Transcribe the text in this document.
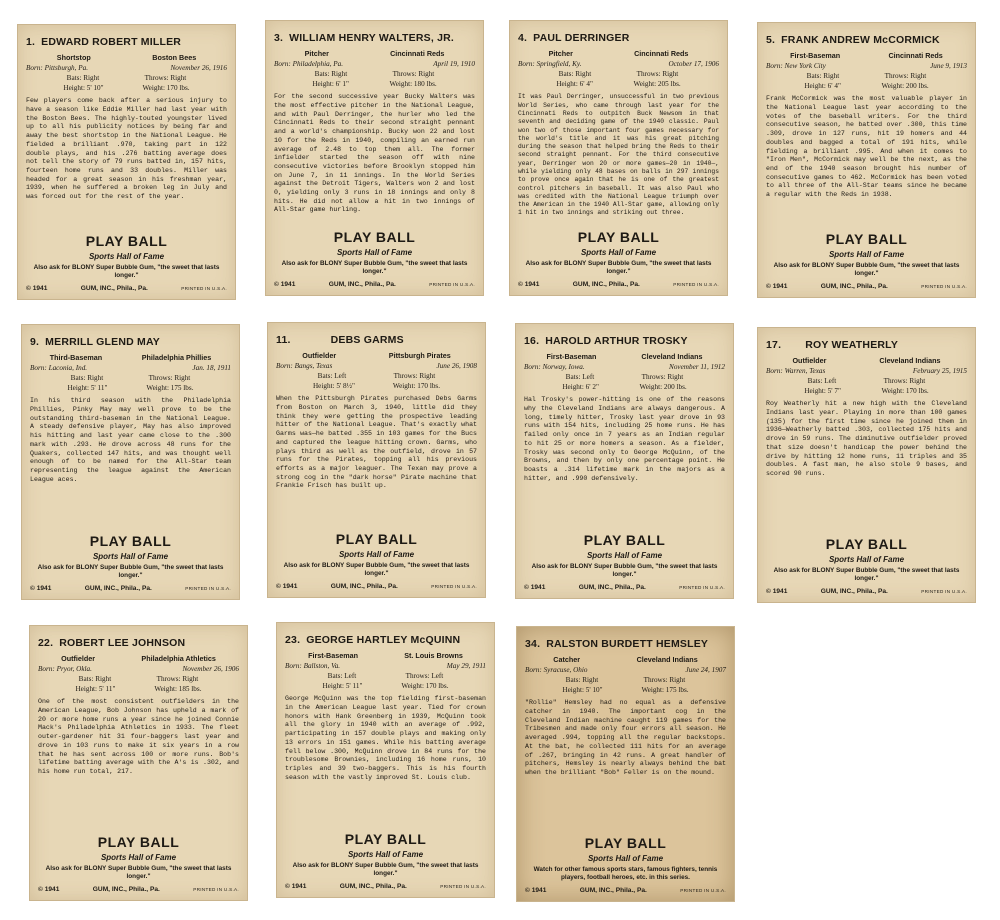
1. EDWARD ROBERT MILLER
Shortstop	Boston Bees
Born: Pittsburgh, Pa.	November 26, 1916
Bats: Right	Throws: Right
Height: 5' 10"	Weight: 170 lbs.

Few players come back after a serious injury to have a season like Eddie Miller had last year with the Boston Bees. The highly-touted youngster lived up to all his publicity notices by being far and away the best shortstop in the National League. He fielded a brilliant .970, taking part in 122 double plays, and his .276 batting average does not tell the story of 79 runs batted in, 157 hits, fourteen home runs and 33 doubles. Miller was headed for a great season in his freshman year, 1939, when he suffered a broken leg in July and was forced out for the rest of the year.

PLAY BALL
Sports Hall of Fame
Also ask for BLONY Super Bubble Gum, "the sweet that lasts longer."
© 1941	GUM, INC., Phila., Pa.	PRINTED IN U.S.A.
3. WILLIAM HENRY WALTERS, JR.
Pitcher	Cincinnati Reds
Born: Philadelphia, Pa.	April 19, 1910
Bats: Right	Throws: Right
Height: 6' 1"	Weight: 180 lbs.

For the second successive year Bucky Walters was the most effective pitcher in the National League, and with Paul Derringer, the hurler who led the Cincinnati Reds to their second straight pennant and a world's championship. Bucky won 22 and lost 10 for the Reds in 1940, compiling an earned run average of 2.48 to top them all. The former infielder started the season off with nine consecutive victories before Brooklyn stopped him on June 7, in 11 innings. In the World Series against the Detroit Tigers, Walters won 2 and lost 0, yielding only 3 runs in 18 innings and only 8 hits. He did not allow a hit in two innings of All-Star game hurling.

PLAY BALL
Sports Hall of Fame
Also ask for BLONY Super Bubble Gum, "the sweet that lasts longer."
© 1941	GUM, INC., Phila., Pa.	PRINTED IN U.S.A.
4. PAUL DERRINGER
Pitcher	Cincinnati Reds
Born: Springfield, Ky.	October 17, 1906
Bats: Right	Throws: Right
Height: 6' 4"	Weight: 205 lbs.

It was Paul Derringer, unsuccessful in two previous World Series, who came through last year for the Cincinnati Reds to outpitch Buck Newsom in that seventh and deciding game of the 1940 classic. Paul won two of those important four games necessary for the world's title and it was his great pitching during the season that helped bring the Reds to their second straight pennant. For the third consecutive year, Derringer won 20 or more games—20 in 1940—, while yielding only 48 bases on balls in 297 innings to prove once again that he is one of the greatest control pitchers in baseball. It was also Paul who was credited with the National League triumph over the American in the 1940 All-Star game, allowing only 1 hit in two innings and striking out three.

PLAY BALL
Sports Hall of Fame
Also ask for BLONY Super Bubble Gum, "the sweet that lasts longer."
© 1941	GUM, INC., Phila., Pa.	PRINTED IN U.S.A.
5. FRANK ANDREW McCORMICK
First-Baseman	Cincinnati Reds
Born: New York City	June 9, 1913
Bats: Right	Throws: Right
Height: 6' 4"	Weight: 200 lbs.

Frank McCormick was the most valuable player in the National League last year according to the votes of the baseball writers. For the third consecutive season, he batted over .300, this time .309, drove in 127 runs, hit 19 homers and 44 doubles and bagged a total of 191 hits, while fielding a brilliant .995. And when it comes to "Iron Men", McCormick may well be the next, as the end of the 1940 season brought his number of consecutive games to 462. McCormick has been voted to all three of the All-Star teams since he became a regular with the Reds in 1938.

PLAY BALL
Sports Hall of Fame
Also ask for BLONY Super Bubble Gum, "the sweet that lasts longer."
© 1941	GUM, INC., Phila., Pa.	PRINTED IN U.S.A.
9. MERRILL GLEND MAY
Third-Baseman	Philadelphia Phillies
Born: Laconia, Ind.	Jan. 18, 1911
Bats: Right	Throws: Right
Height: 5' 11"	Weight: 175 lbs.

In his third season with the Philadelphia Phillies, Pinky May may well prove to be the outstanding third-baseman in the National League. A steady defensive player, May has also improved his hitting and last year came close to the .300 mark with .293. He drove across 48 runs for the Quakers, collected 147 hits, and was thought well enough of to be named for the All-Star team representing the league against the American League aces.

PLAY BALL
Sports Hall of Fame
Also ask for BLONY Super Bubble Gum, "the sweet that lasts longer."
© 1941	GUM, INC., Phila., Pa.	PRINTED IN U.S.A.
11.	DEBS GARMS
Outfielder	Pittsburgh Pirates
Born: Bangs, Texas	June 26, 1908
Bats: Left	Throws: Right
Height: 5' 8½"	Weight: 170 lbs.

When the Pittsburgh Pirates purchased Debs Garms from Boston on March 3, 1940, little did they think they were getting the prospective leading hitter of the National League. That's exactly what Garms was—he batted .355 in 103 games for the Bucs and captured the league hitting crown. Garms, who plays third as well as the outfield, drove in 57 runs for the Pirates, topping all his previous efforts as a major leaguer. The Texan may prove a strong cog in the "dark horse" Pirate machine that Frankie Frisch has built up.

PLAY BALL
Sports Hall of Fame
Also ask for BLONY Super Bubble Gum, "the sweet that lasts longer."
© 1941	GUM, INC., Phila., Pa.	PRINTED IN U.S.A.
16. HAROLD ARTHUR TROSKY
First-Baseman	Cleveland Indians
Born: Norway, Iowa.	November 11, 1912
Bats: Left	Throws: Right
Height: 6' 2"	Weight: 200 lbs.

Hal Trosky's power-hitting is one of the reasons why the Cleveland Indians are always dangerous. A long, timely hitter, Trosky last year drove in 93 runs with 154 hits, including 25 home runs. He has failed only once in 7 years as an Indian regular to hit 25 or more homers a season. As a fielder, Trosky was second only to George McQuinn, of the Browns, and then by only one percentage point. He boasts a .314 lifetime mark in the majors as a hitter, and .990 defensively.

PLAY BALL
Sports Hall of Fame
Also ask for BLONY Super Bubble Gum, "the sweet that lasts longer."
© 1941	GUM, INC., Phila., Pa.	PRINTED IN U.S.A.
17. ROY WEATHERLY
Outfielder	Cleveland Indians
Born: Warren, Texas	February 25, 1915
Bats: Left	Throws: Right
Height: 5' 7"	Weight: 170 lbs.

Roy Weatherly hit a new high with the Cleveland Indians last year. Playing in more than 100 games (135) for the first time since he joined them in 1936—Weatherly batted .303, collected 175 hits and drove in 59 runs. The diminutive outfielder proved that size doesn't handicap the power behind the drive by hitting 12 home runs, 11 triples and 35 doubles. A fast man, he also stole 9 bases, and scored 90 runs.

PLAY BALL
Sports Hall of Fame
Also ask for BLONY Super Bubble Gum, "the sweet that lasts longer."
© 1941	GUM, INC., Phila., Pa.	PRINTED IN U.S.A.
22. ROBERT LEE JOHNSON
Outfielder	Philadelphia Athletics
Born: Pryor, Okla.	November 26, 1906
Bats: Right	Throws: Right
Height: 5' 11"	Weight: 185 lbs.

One of the most consistent outfielders in the American League, Bob Johnson has upheld a mark of 20 or more home runs a year since he joined Connie Mack's Philadelphia Athletics in 1933. The fleet outer-gardener hit 31 four-baggers last year and drove in 103 runs to make it six years in a row that he has sent across 100 or more runs. Bob's lifetime batting average with the A's is .302, and his home run total, 217.

PLAY BALL
Sports Hall of Fame
Also ask for BLONY Super Bubble Gum, "the sweet that lasts longer."
© 1941	GUM, INC., Phila., Pa.	PRINTED IN U.S.A.
23. GEORGE HARTLEY McQUINN
First-Baseman	St. Louis Browns
Born: Ballston, Va.	May 29, 1911
Bats: Left	Throws: Left
Height: 5' 11"	Weight: 170 lbs.

George McQuinn was the top fielding first-baseman in the American League last year. Tied for crown honors with Hank Greenberg in 1939, McQuinn took all the glory in 1940 with an average of .992, participating in 157 double plays and making only 13 errors in 151 games. While his batting average fell below .300, McQuinn drove in 84 runs for the troublesome Brownies, including 16 home runs, 10 triples and 39 two-baggers. This is his fourth season with the vastly improved St. Louis club.

PLAY BALL
Sports Hall of Fame
Also ask for BLONY Super Bubble Gum, "the sweet that lasts longer."
© 1941	GUM, INC., Phila., Pa.	PRINTED IN U.S.A.
34. RALSTON BURDETT HEMSLEY
Catcher	Cleveland Indians
Born: Syracuse, Ohio	June 24, 1907
Bats: Right	Throws: Right
Height: 5' 10"	Weight: 175 lbs.

"Rollie" Hemsley had no equal as a defensive catcher in 1940. The important cog in the Cleveland Indian machine caught 119 games for the Tribesmen and made only four errors all season. He averaged .994, topping all the regular backstops. At the bat, he collected 111 hits for an average of .267, bringing in 42 runs. A great handler of pitchers, Hemsley is nearly always behind the bat when the brilliant "Bob" Feller is on the mound.

PLAY BALL
Sports Hall of Fame
Watch for other famous sports stars, famous fighters, tennis players, football heroes, etc. in this series.
© 1941	GUM, INC., Phila., Pa.	PRINTED IN U.S.A.
